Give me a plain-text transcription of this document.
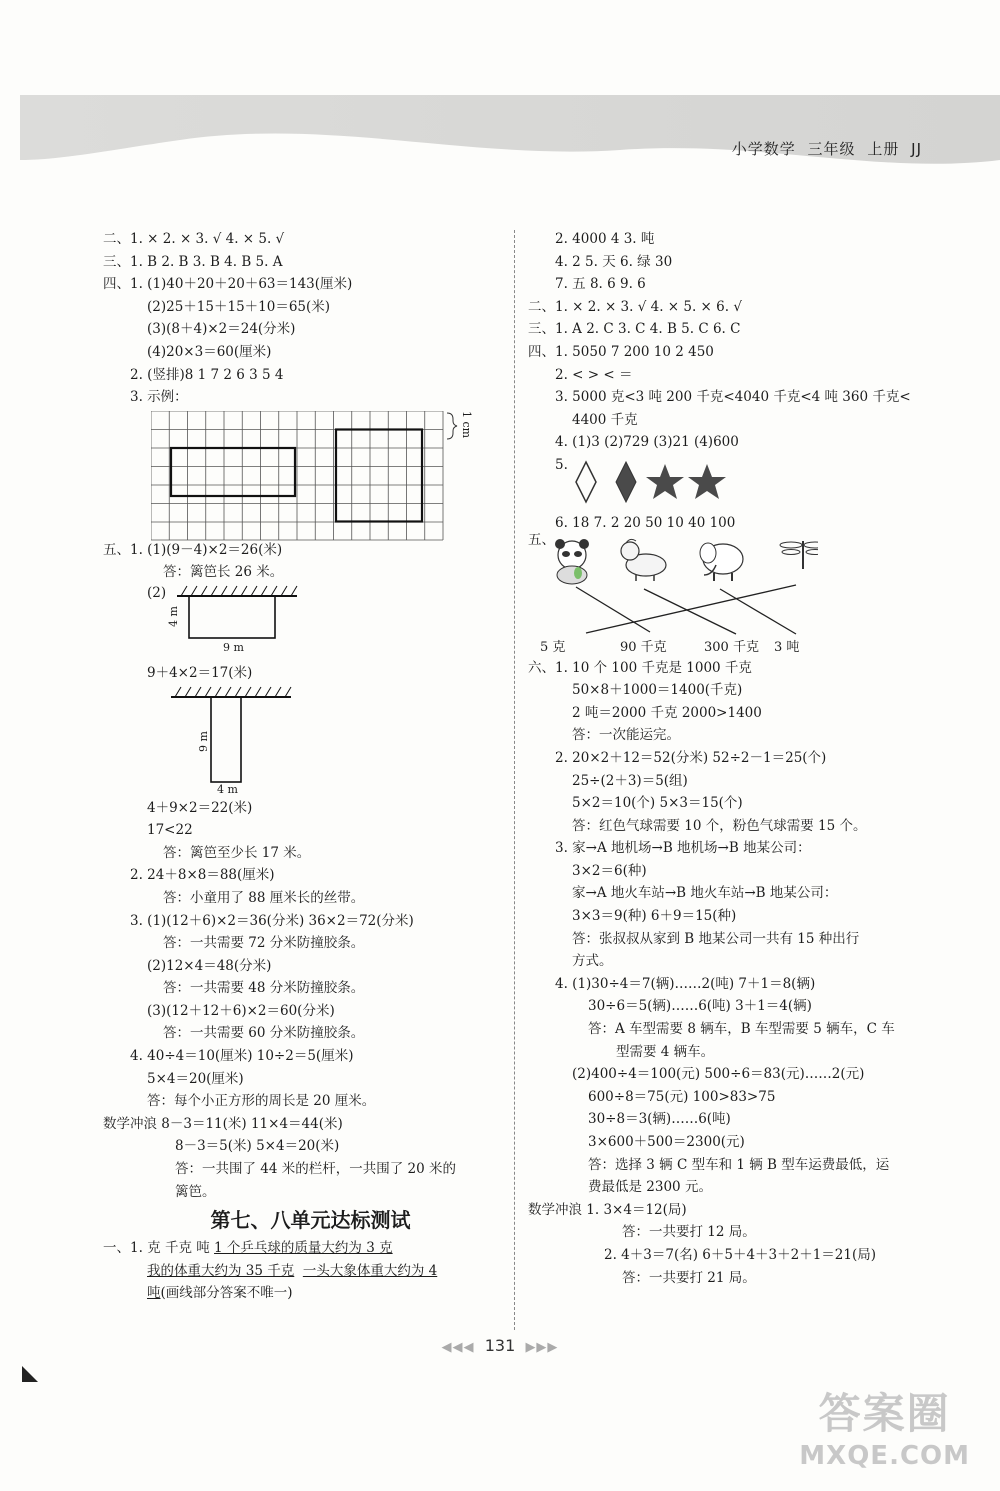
小学数学 三年级 上册 JJ
二、1. × 2. × 3. √ 4. × 5. √
三、1. B 2. B 3. B 4. B 5. A
四、1. (1)40＋20＋20＋63＝143(厘米)
(2)25＋15＋15＋10＝65(米)
(3)(8＋4)×2＝24(分米)
(4)20×3＝60(厘米)
2. (竖排)8 1 7 2 6 3 5 4
3. 示例：
1 cm
五、1. (1)(9－4)×2＝26(米)
答：篱笆长 26 米。
(2)
4 m
9 m
9＋4×2＝17(米)
9 m
4 m
4＋9×2＝22(米)
17<22
答：篱笆至少长 17 米。
2. 24＋8×8＝88(厘米)
答：小童用了 88 厘米长的丝带。
3. (1)(12＋6)×2＝36(分米) 36×2＝72(分米)
答：一共需要 72 分米防撞胶条。
(2)12×4＝48(分米)
答：一共需要 48 分米防撞胶条。
(3)(12＋12＋6)×2＝60(分米)
答：一共需要 60 分米防撞胶条。
4. 40÷4＝10(厘米) 10÷2＝5(厘米)
5×4＝20(厘米)
答：每个小正方形的周长是 20 厘米。
数学冲浪 8－3＝11(米) 11×4＝44(米)
8－3＝5(米) 5×4＝20(米)
答：一共围了 44 米的栏杆，一共围了 20 米的
篱笆。
第七、八单元达标测试
一、1. 克 千克 吨 1 个乒乓球的质量大约为 3 克
我的体重大约为 35 千克 一头大象体重大约为 4
吨(画线部分答案不唯一)
2. 4000 4 3. 吨
4. 2 5. 天 6. 绿 30
7. 五 8. 6 9. 6
二、1. × 2. × 3. √ 4. × 5. × 6. √
三、1. A 2. C 3. C 4. B 5. C 6. C
四、1. 5050 7 200 10 2 450
2. < > < ＝
3. 5000 克<3 吨 200 千克<4040 千克<4 吨 360 千克<
4400 千克
4. (1)3 (2)729 (3)21 (4)600
5.
6. 18 7. 2 20 50 10 40 100
五、
5 克	90 千克	300 千克 3 吨
六、1. 10 个 100 千克是 1000 千克
50×8＋1000＝1400(千克)
2 吨＝2000 千克 2000>1400
答：一次能运完。
2. 20×2＋12＝52(分米) 52÷2－1＝25(个)
25÷(2＋3)＝5(组)
5×2＝10(个) 5×3＝15(个)
答：红色气球需要 10 个，粉色气球需要 15 个。
3. 家→A 地机场→B 地机场→B 地某公司：
3×2＝6(种)
家→A 地火车站→B 地火车站→B 地某公司：
3×3＝9(种) 6＋9＝15(种)
答：张叔叔从家到 B 地某公司一共有 15 种出行
方式。
4. (1)30÷4＝7(辆)……2(吨) 7＋1＝8(辆)
30÷6＝5(辆)……6(吨) 3＋1＝4(辆)
答：A 车型需要 8 辆车，B 车型需要 5 辆车，C 车
型需要 4 辆车。
(2)400÷4＝100(元) 500÷6＝83(元)……2(元)
600÷8＝75(元) 100>83>75
30÷8＝3(辆)……6(吨)
3×600＋500＝2300(元)
答：选择 3 辆 C 型车和 1 辆 B 型车运费最低，运
费最低是 2300 元。
数学冲浪 1. 3×4＝12(局)
答：一共要打 12 局。
2. 4＋3＝7(名) 6＋5＋4＋3＋2＋1＝21(局)
答：一共要打 21 局。
◀◀◀ 131 ▶▶▶
答案圈
MXQE.COM
